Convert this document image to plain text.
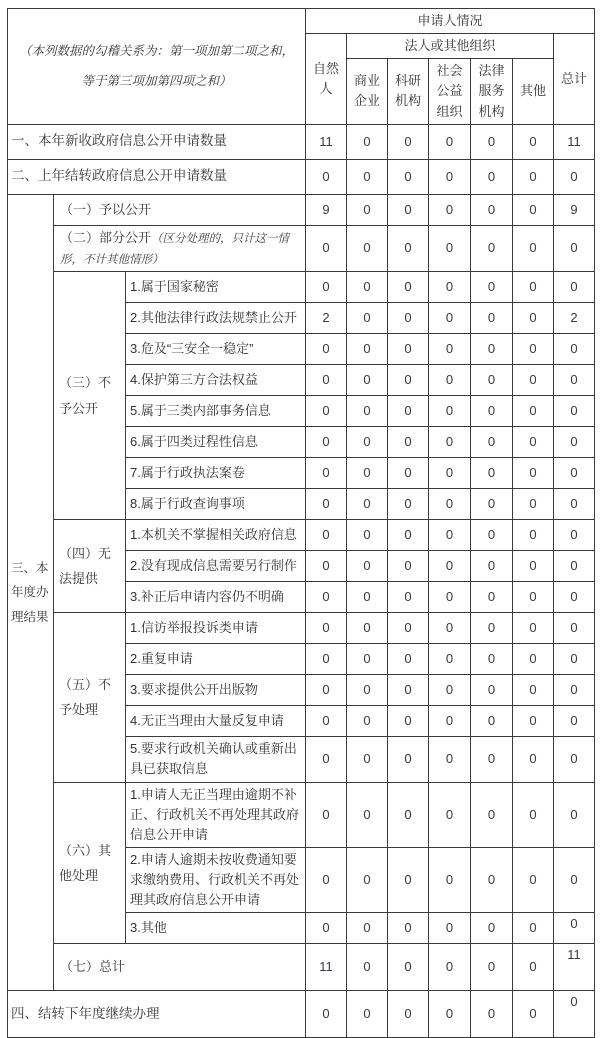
（本列数据的勾稽关系为：第一项加第二项之和，等于第三项加第四项之和）			申请人情况						
			自然人	法人或其他组织					总计
				商业企业	科研机构	社会公益组织	法律服务机构	其他	
一、本年新收政府信息公开申请数量			11	0	0	0	0	0	11
二、上年结转政府信息公开申请数量			0	0	0	0	0	0	0
三、本年度办理结果	（一）予以公开		9	0	0	0	0	0	9
	（二）部分公开（区分处理的，只计这一情形，不计其他情形）		0	0	0	0	0	0	0
	（三）不予公开	1.属于国家秘密	0	0	0	0	0	0	0
		2.其他法律行政法规禁止公开	2	0	0	0	0	0	2
		3.危及“三安全一稳定”	0	0	0	0	0	0	0
		4.保护第三方合法权益	0	0	0	0	0	0	0
		5.属于三类内部事务信息	0	0	0	0	0	0	0
		6.属于四类过程性信息	0	0	0	0	0	0	0
		7.属于行政执法案卷	0	0	0	0	0	0	0
		8.属于行政查询事项	0	0	0	0	0	0	0
	（四）无法提供	1.本机关不掌握相关政府信息	0	0	0	0	0	0	0
		2.没有现成信息需要另行制作	0	0	0	0	0	0	0
		3.补正后申请内容仍不明确	0	0	0	0	0	0	0
	（五）不予处理	1.信访举报投诉类申请	0	0	0	0	0	0	0
		2.重复申请	0	0	0	0	0	0	0
		3.要求提供公开出版物	0	0	0	0	0	0	0
		4.无正当理由大量反复申请	0	0	0	0	0	0	0
		5.要求行政机关确认或重新出具已获取信息	0	0	0	0	0	0	0
	（六）其他处理	1.申请人无正当理由逾期不补正、行政机关不再处理其政府信息公开申请	0	0	0	0	0	0	0
		2.申请人逾期未按收费通知要求缴纳费用、行政机关不再处理其政府信息公开申请	0	0	0	0	0	0	0
		3.其他	0	0	0	0	0	0	0
	（七）总计		11	0	0	0	0	0	11
四、结转下年度继续办理			0	0	0	0	0	0	0
